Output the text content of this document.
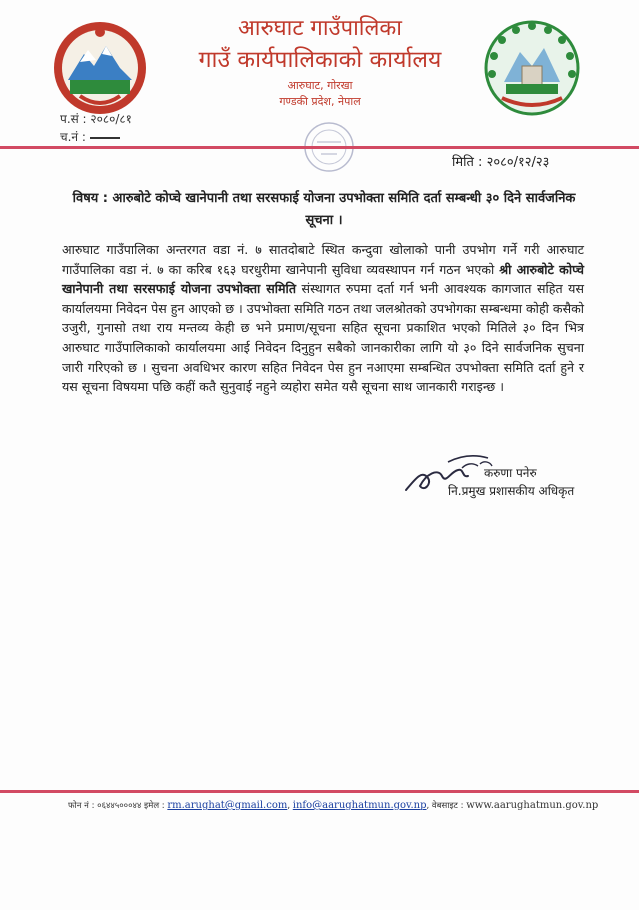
आरुघाट गाउँपालिका
गाउँ कार्यपालिकाको कार्यालय
आरुघाट, गोरखा
गण्डकी प्रदेश, नेपाल
प.सं : २०८०/८१
च.नं :
मिति : २०८०/१२/२३
विषय : आरुबोटे कोप्चे खानेपानी तथा सरसफाई योजना उपभोक्ता समिति दर्ता सम्बन्धी ३० दिने सार्वजनिक सूचना ।
आरुघाट गाउँपालिका अन्तरगत वडा नं. ७ सातदोबाटे स्थित कन्दुवा खोलाको पानी उपभोग गर्ने गरी आरुघाट गाउँपालिका वडा नं. ७ का करिब १६३ घरधुरीमा खानेपानी सुविधा व्यवस्थापन गर्न गठन भएको श्री आरुबोटे कोप्चे खानेपानी तथा सरसफाई योजना उपभोक्ता समिति संस्थागत रुपमा दर्ता गर्न भनी आवश्यक कागजात सहित यस कार्यालयमा निवेदन पेस हुन आएको छ । उपभोक्ता समिति गठन तथा जलश्रोतको उपभोगका सम्बन्धमा कोही कसैको उजुरी, गुनासो तथा राय मन्तव्य केही छ भने प्रमाण/सूचना सहित सूचना प्रकाशित भएको मितिले ३० दिन भित्र आरुघाट गाउँपालिकाको कार्यालयमा आई निवेदन दिनुहुन सबैको जानकारीका लागि यो ३० दिने सार्वजनिक सुचना जारी गरिएको छ । सुचना अवधिभर कारण सहित निवेदन पेस हुन नआएमा सम्बन्धित उपभोक्ता समिति दर्ता हुने र यस सूचना विषयमा पछि कहीं कतै सुनुवाई नहुने व्यहोरा समेत यसै सूचना साथ जानकारी गराइन्छ ।
करुणा पनेरु
नि.प्रमुख प्रशासकीय अधिकृत
फोन नं : ०६४४५०००४४ इमेल : rm.arughat@gmail.com, info@aarughatmun.gov.np, वेबसाइट : www.aarughatmun.gov.np
